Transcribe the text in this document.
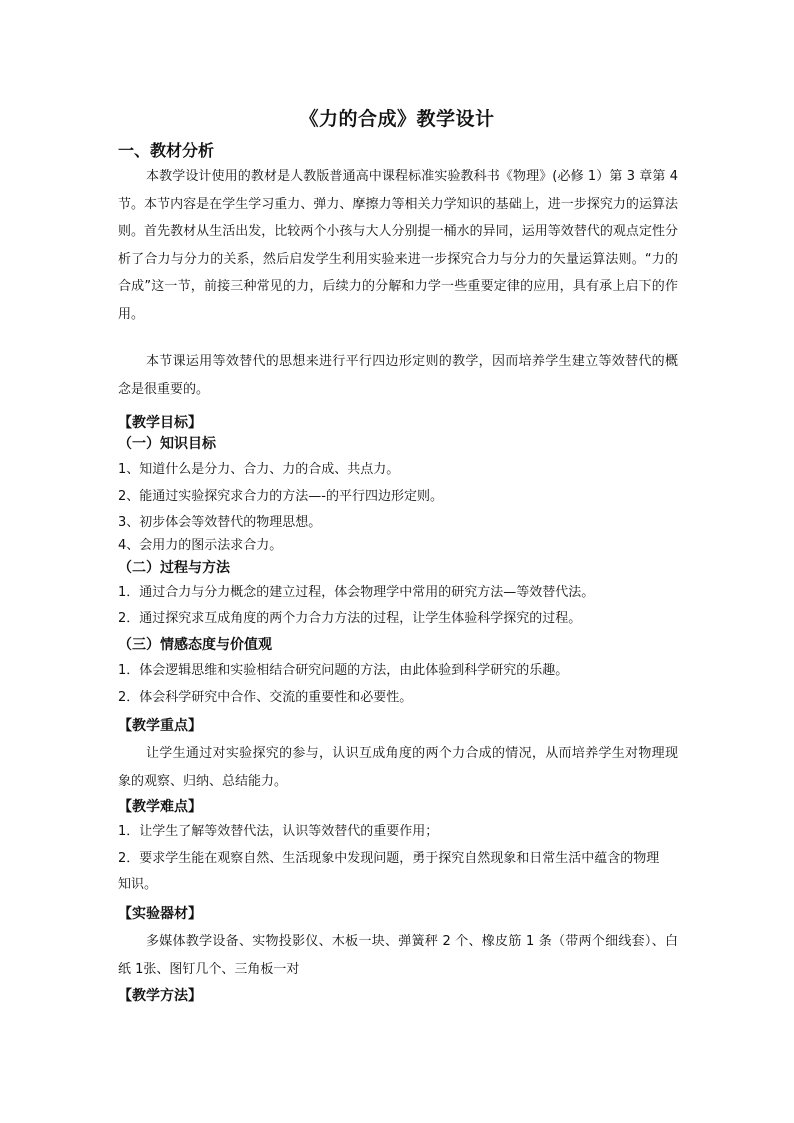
《力的合成》教学设计
一、教材分析
本教学设计使用的教材是人教版普通高中课程标准实验教科书《物理》(必修 1）第 3 章第 4 节。本节内容是在学生学习重力、弹力、摩擦力等相关力学知识的基础上，进一步探究力的运算法则。首先教材从生活出发，比较两个小孩与大人分别提一桶水的异同，运用等效替代的观点定性分析了合力与分力的关系，然后启发学生利用实验来进一步探究合力与分力的矢量运算法则。“力的合成”这一节，前接三种常见的力，后续力的分解和力学一些重要定律的应用，具有承上启下的作用。
本节课运用等效替代的思想来进行平行四边形定则的教学，因而培养学生建立等效替代的概念是很重要的。
【教学目标】
（一）知识目标
1、知道什么是分力、合力、力的合成、共点力。
2、能通过实验探究求合力的方法—-的平行四边形定则。
3、初步体会等效替代的物理思想。
4、会用力的图示法求合力。
（二）过程与方法
1．通过合力与分力概念的建立过程，体会物理学中常用的研究方法—等效替代法。
2．通过探究求互成角度的两个力合力方法的过程，让学生体验科学探究的过程。
（三）情感态度与价值观
1．体会逻辑思维和实验相结合研究问题的方法，由此体验到科学研究的乐趣。
2．体会科学研究中合作、交流的重要性和必要性。
【教学重点】
让学生通过对实验探究的参与，认识互成角度的两个力合成的情况，从而培养学生对物理现象的观察、归纳、总结能力。
【教学难点】
1．让学生了解等效替代法，认识等效替代的重要作用；
2．要求学生能在观察自然、生活现象中发现问题，勇于探究自然现象和日常生活中蕴含的物理知识。
【实验器材】
多媒体教学设备、实物投影仪、木板一块、弹簧秤 2 个、橡皮筋 1 条（带两个细线套）、白纸 1张、图钉几个、三角板一对
【教学方法】
